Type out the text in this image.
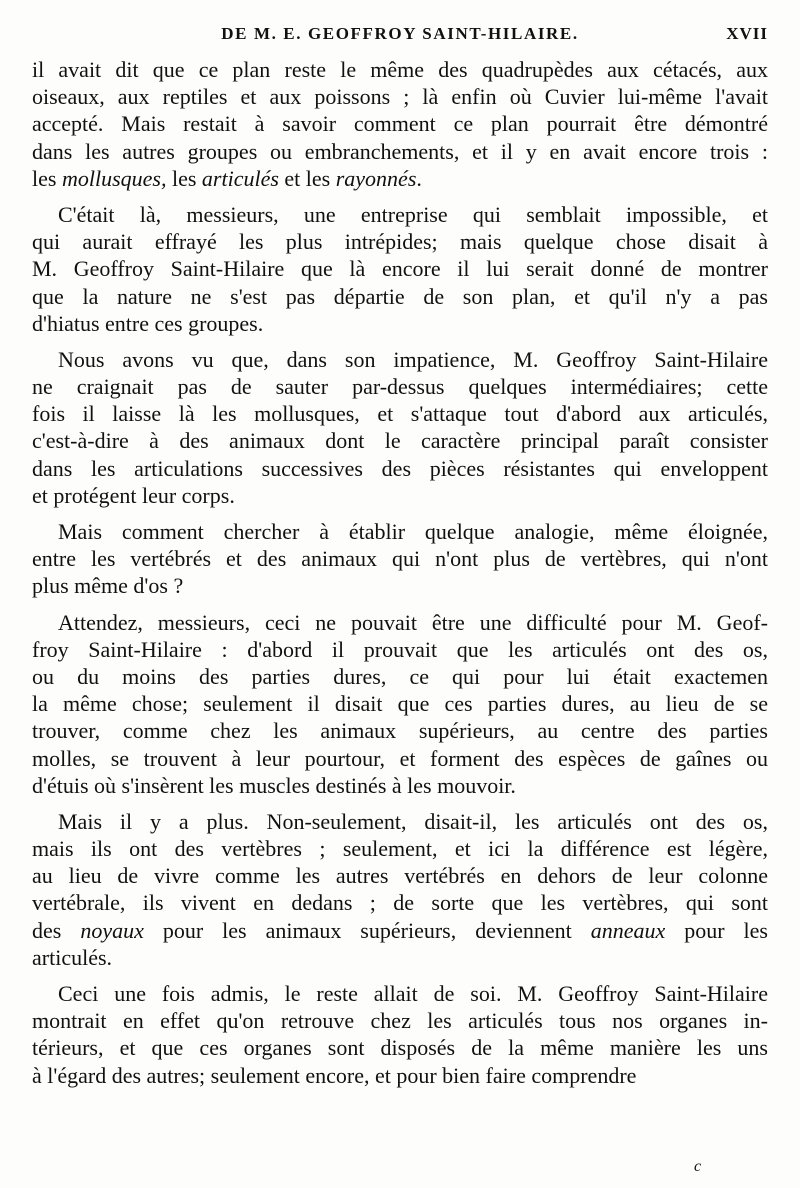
DE M. E. GEOFFROY SAINT-HILAIRE.	XVII
il avait dit que ce plan reste le même des quadrupèdes aux cétacés, aux
oiseaux, aux reptiles et aux poissons ; là enfin où Cuvier lui-même l'avait
accepté. Mais restait à savoir comment ce plan pourrait être démontré
dans les autres groupes ou embranchements, et il y en avait encore trois :
les mollusques, les articulés et les rayonnés.
C'était là, messieurs, une entreprise qui semblait impossible, et
qui aurait effrayé les plus intrépides; mais quelque chose disait à
M. Geoffroy Saint-Hilaire que là encore il lui serait donné de montrer
que la nature ne s'est pas départie de son plan, et qu'il n'y a pas
d'hiatus entre ces groupes.
Nous avons vu que, dans son impatience, M. Geoffroy Saint-Hilaire
ne craignait pas de sauter par-dessus quelques intermédiaires; cette
fois il laisse là les mollusques, et s'attaque tout d'abord aux articulés,
c'est-à-dire à des animaux dont le caractère principal paraît consister
dans les articulations successives des pièces résistantes qui enveloppent
et protégent leur corps.
Mais comment chercher à établir quelque analogie, même éloignée,
entre les vertébrés et des animaux qui n'ont plus de vertèbres, qui n'ont
plus même d'os ?
Attendez, messieurs, ceci ne pouvait être une difficulté pour M. Geof-
froy Saint-Hilaire : d'abord il prouvait que les articulés ont des os,
ou du moins des parties dures, ce qui pour lui était exactemen
la même chose; seulement il disait que ces parties dures, au lieu de se
trouver, comme chez les animaux supérieurs, au centre des parties
molles, se trouvent à leur pourtour, et forment des espèces de gaînes ou
d'étuis où s'insèrent les muscles destinés à les mouvoir.
Mais il y a plus. Non-seulement, disait-il, les articulés ont des os,
mais ils ont des vertèbres ; seulement, et ici la différence est légère,
au lieu de vivre comme les autres vertébrés en dehors de leur colonne
vertébrale, ils vivent en dedans ; de sorte que les vertèbres, qui sont
des noyaux pour les animaux supérieurs, deviennent anneaux pour les
articulés.
Ceci une fois admis, le reste allait de soi. M. Geoffroy Saint-Hilaire
montrait en effet qu'on retrouve chez les articulés tous nos organes in-
térieurs, et que ces organes sont disposés de la même manière les uns
à l'égard des autres; seulement encore, et pour bien faire comprendre
c
